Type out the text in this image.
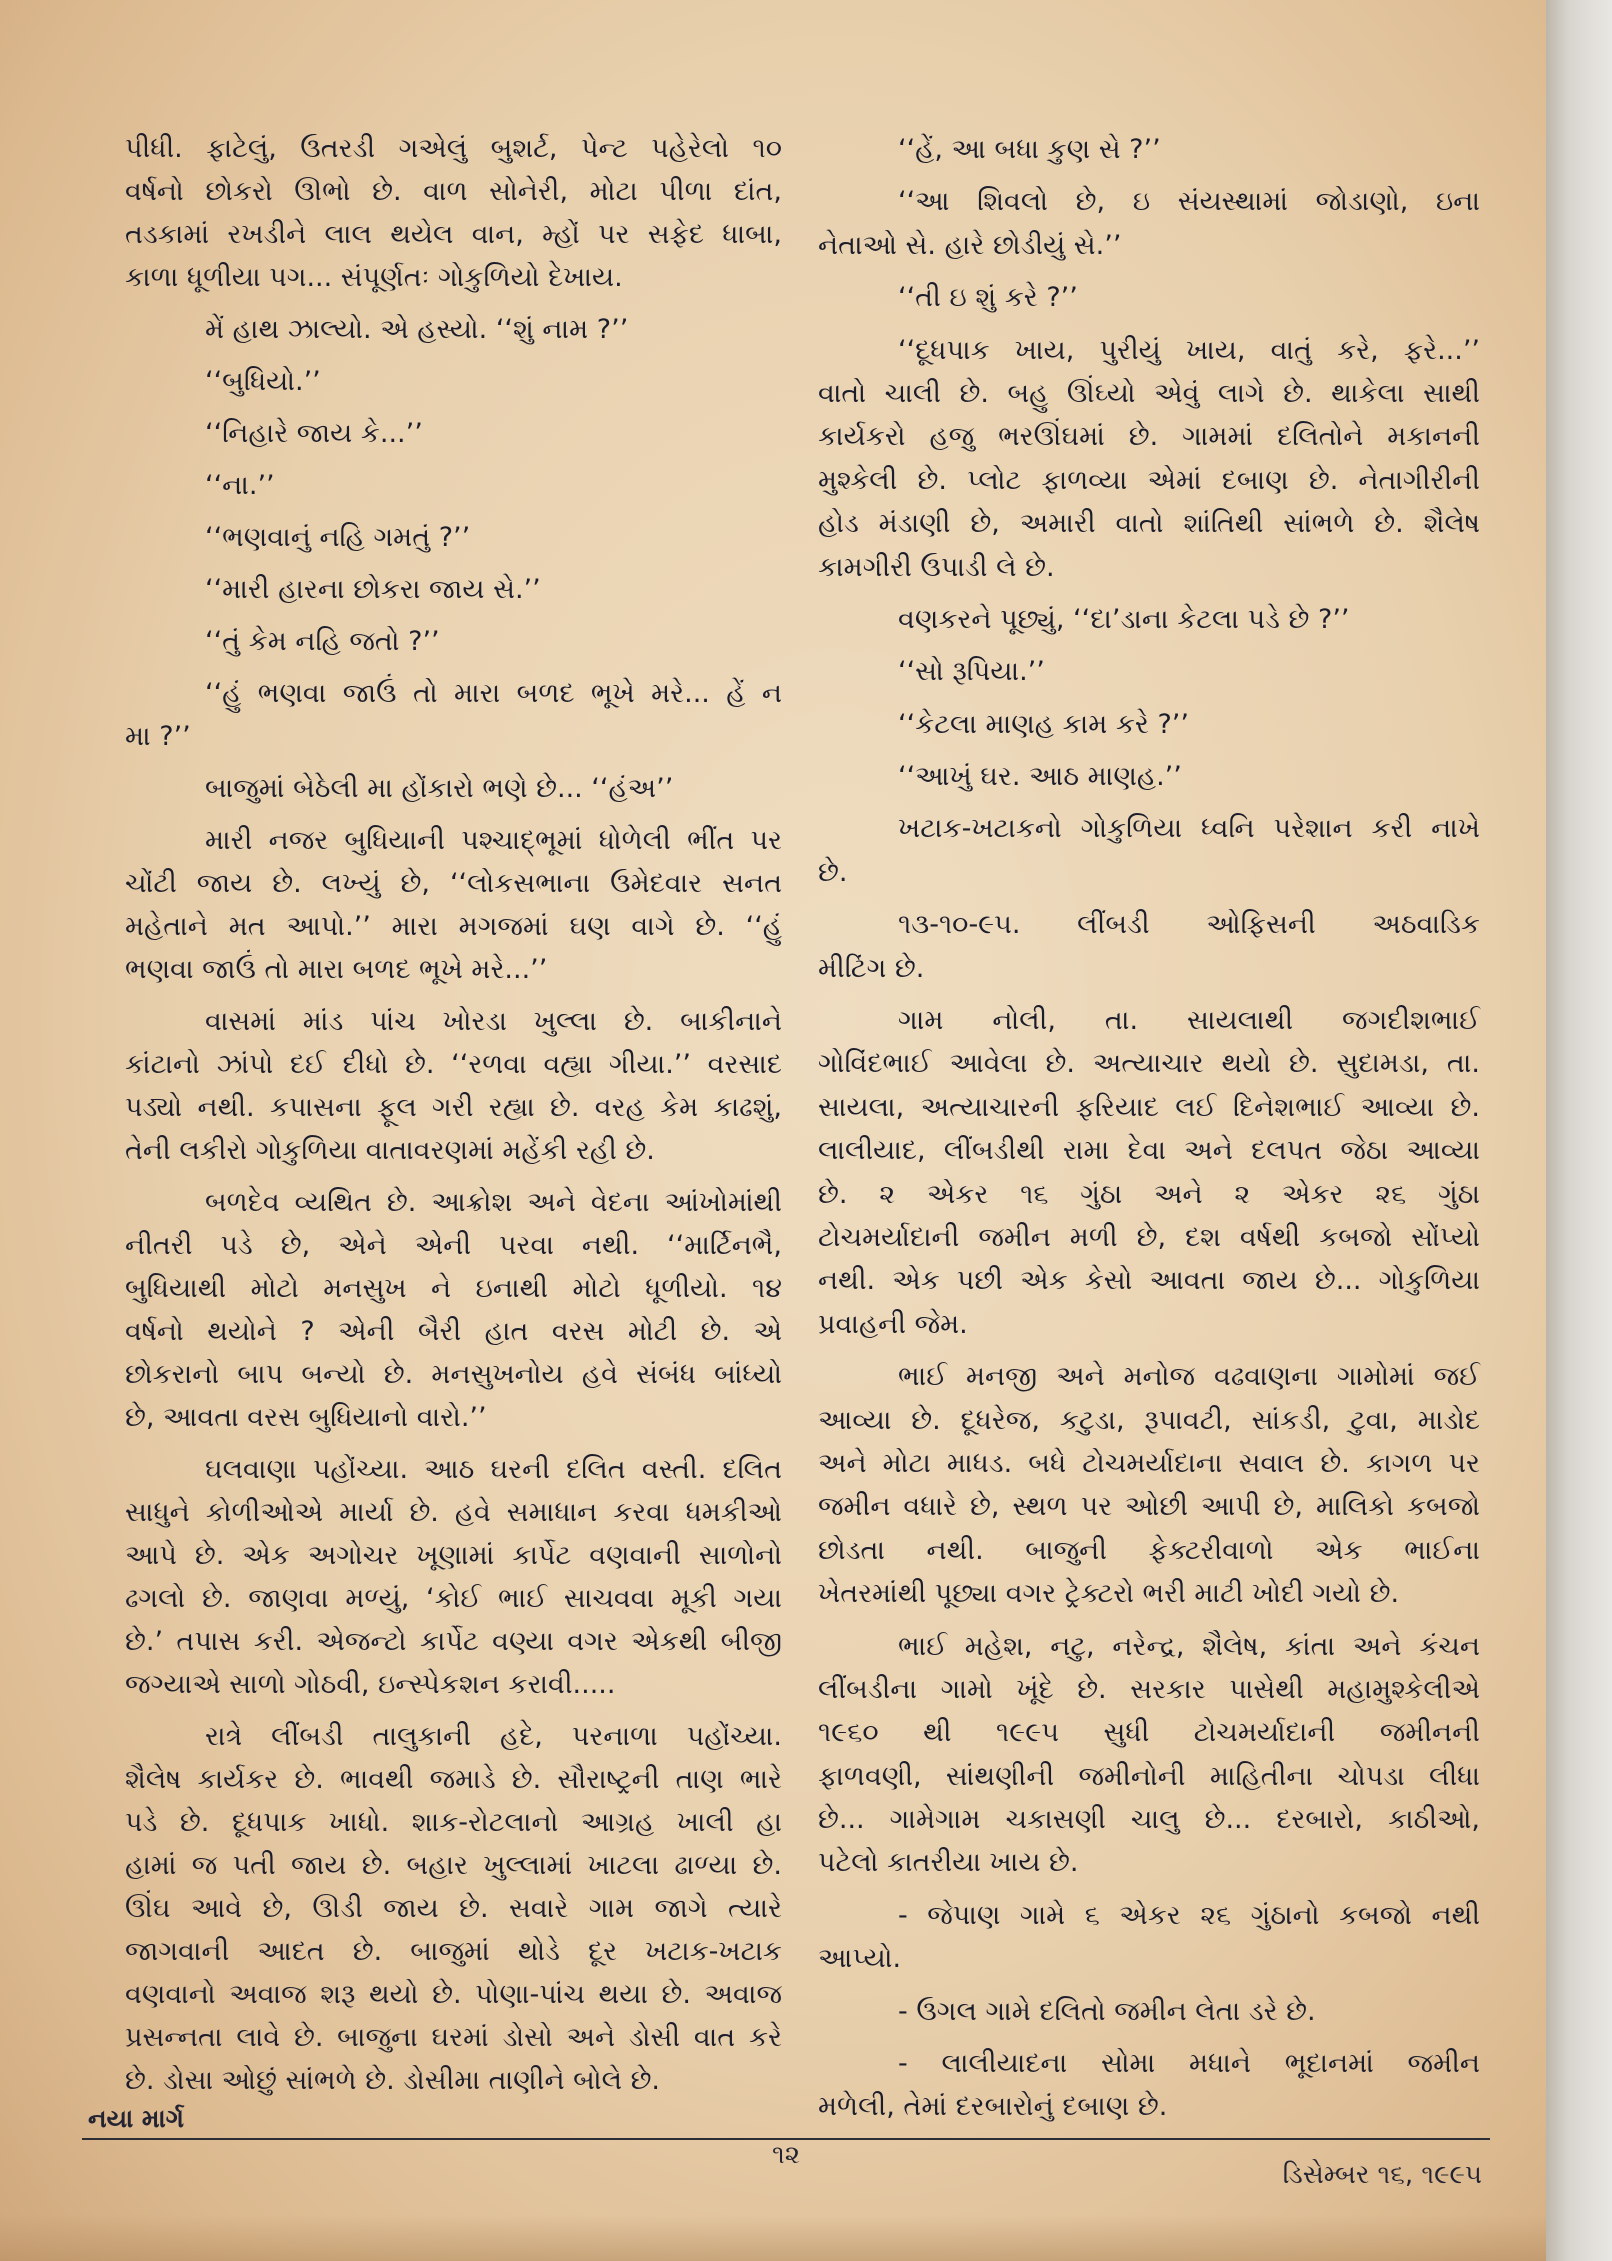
પીધી. ફાટેલું, ઉતરડી ગએલું બુશર્ટ, પેન્ટ પહેરેલો ૧૦
વર્ષનો છોકરો ઊભો છે. વાળ સોનેરી, મોટા પીળા દાંત,
તડકામાં રખડીને લાલ થયેલ વાન, મ્હોં પર સફેદ ધાબા,
કાળા ધૂળીયા પગ... સંપૂર્ણતઃ ગોકુળિયો દેખાય.
મેં હાથ ઝાલ્યો. એ હસ્યો. ‘‘શું નામ ?’’
‘‘બુધિયો.’’
‘‘નિહારે જાય કે...’’
‘‘ના.’’
‘‘ભણવાનું નહિ ગમતું ?’’
‘‘મારી હારના છોકરા જાય સે.’’
‘‘તું કેમ નહિ જતો ?’’
‘‘હું ભણવા જાઉં તો મારા બળદ ભૂખે મરે... હેં ન
મા ?’’
બાજુમાં બેઠેલી મા હોંકારો ભણે છે... ‘‘હંઅ’’
મારી નજર બુધિયાની પશ્ચાદ્ભૂમાં ધોળેલી ભીંત પર
ચોંટી જાય છે. લખ્યું છે, ‘‘લોકસભાના ઉમેદવાર સનત
મહેતાને મત આપો.’’ મારા મગજમાં ઘણ વાગે છે. ‘‘હું
ભણવા જાઉં તો મારા બળદ ભૂખે મરે...’’
વાસમાં માંડ પાંચ ખોરડા ખુલ્લા છે. બાકીનાને
કાંટાનો ઝાંપો દઈ દીધો છે. ‘‘રળવા વહ્યા ગીયા.’’ વરસાદ
પડ્યો નથી. કપાસના ફૂલ ગરી રહ્યા છે. વરહ કેમ કાઢશું,
તેની લકીરો ગોકુળિયા વાતાવરણમાં મહેંકી રહી છે.
બળદેવ વ્યથિત છે. આક્રોશ અને વેદના આંખોમાંથી
નીતરી પડે છે, એને એની પરવા નથી. ‘‘માર્ટિનભૈ,
બુધિયાથી મોટો મનસુખ ને ઇનાથી મોટો ધૂળીયો. ૧૪
વર્ષનો થયોને ? એની બૈરી હાત વરસ મોટી છે. એ
છોકરાનો બાપ બન્યો છે. મનસુખનોય હવે સંબંધ બાંધ્યો
છે, આવતા વરસ બુધિયાનો વારો.’’
ઘલવાણા પહોંચ્યા. આઠ ઘરની દલિત વસ્તી. દલિત
સાધુને કોળીઓએ માર્યા છે. હવે સમાધાન કરવા ધમકીઓ
આપે છે. એક અગોચર ખૂણામાં કાર્પેટ વણવાની સાળોનો
ઢગલો છે. જાણવા મળ્યું, ‘કોઈ ભાઈ સાચવવા મૂકી ગયા
છે.’ તપાસ કરી. એજન્ટો કાર્પેટ વણ્યા વગર એકથી બીજી
જગ્યાએ સાળો ગોઠવી, ઇન્સ્પેકશન કરાવી.....
રાત્રે લીંબડી તાલુકાની હદે, પરનાળા પહોંચ્યા.
શૈલેષ કાર્યકર છે. ભાવથી જમાડે છે. સૌરાષ્ટ્રની તાણ ભારે
પડે છે. દૂધપાક ખાધો. શાક-રોટલાનો આગ્રહ ખાલી હા
હામાં જ પતી જાય છે. બહાર ખુલ્લામાં ખાટલા ઢાળ્યા છે.
ઊંઘ આવે છે, ઊડી જાય છે. સવારે ગામ જાગે ત્યારે
જાગવાની આદત છે. બાજુમાં થોડે દૂર ખટાક-ખટાક
વણવાનો અવાજ શરૂ થયો છે. પોણા-પાંચ થયા છે. અવાજ
પ્રસન્નતા લાવે છે. બાજુના ઘરમાં ડોસો અને ડોસી વાત કરે
છે. ડોસા ઓછું સાંભળે છે. ડોસીમા તાણીને બોલે છે.
‘‘હેં, આ બધા કુણ સે ?’’
‘‘આ શિવલો છે, ઇ સંયસ્થામાં જોડાણો, ઇના
નેતાઓ સે. હારે છોડીયું સે.’’
‘‘તી ઇ શું કરે ?’’
‘‘દૂધપાક ખાય, પુરીયું ખાય, વાતું કરે, ફરે...’’
વાતો ચાલી છે. બહુ ઊંઘ્યો એવું લાગે છે. થાકેલા સાથી
કાર્યકરો હજુ ભરઊંઘમાં છે. ગામમાં દલિતોને મકાનની
મુશ્કેલી છે. પ્લોટ ફાળવ્યા એમાં દબાણ છે. નેતાગીરીની
હોડ મંડાણી છે, અમારી વાતો શાંતિથી સાંભળે છે. શૈલેષ
કામગીરી ઉપાડી લે છે.
વણકરને પૂછ્યું, ‘‘દા’ડાના કેટલા પડે છે ?’’
‘‘સો રૂપિયા.’’
‘‘કેટલા માણહ કામ કરે ?’’
‘‘આખું ઘર. આઠ માણહ.’’
ખટાક-ખટાકનો ગોકુળિયા ધ્વનિ પરેશાન કરી નાખે
છે.
૧૩-૧૦-૯૫. લીંબડી ઓફિસની અઠવાડિક
મીટિંગ છે.
ગામ નોલી, તા. સાયલાથી જગદીશભાઈ
ગોવિંદભાઈ આવેલા છે. અત્યાચાર થયો છે. સુદામડા, તા.
સાયલા, અત્યાચારની ફરિયાદ લઈ દિનેશભાઈ આવ્યા છે.
લાલીયાદ, લીંબડીથી રામા દેવા અને દલપત જેઠા આવ્યા
છે. ૨ એકર ૧૬ ગુંઠા અને ૨ એકર ૨૬ ગુંઠા
ટોચમર્યાદાની જમીન મળી છે, દશ વર્ષથી કબજો સોંપ્યો
નથી. એક પછી એક કેસો આવતા જાય છે... ગોકુળિયા
પ્રવાહની જેમ.
ભાઈ મનજી અને મનોજ વઢવાણના ગામોમાં જઈ
આવ્યા છે. દૂધરેજ, કટુડા, રૂપાવટી, સાંકડી, ટુવા, માડોદ
અને મોટા માધડ. બધે ટોચમર્યાદાના સવાલ છે. કાગળ પર
જમીન વધારે છે, સ્થળ પર ઓછી આપી છે, માલિકો કબજો
છોડતા નથી. બાજુની ફેક્ટરીવાળો એક ભાઈના
ખેતરમાંથી પૂછ્યા વગર ટ્રેક્ટરો ભરી માટી ખોદી ગયો છે.
ભાઈ મહેશ, નટુ, નરેન્દ્ર, શૈલેષ, કાંતા અને કંચન
લીંબડીના ગામો ખૂંદે છે. સરકાર પાસેથી મહામુશ્કેલીએ
૧૯૬૦ થી ૧૯૯૫ સુધી ટોચમર્યાદાની જમીનની
ફાળવણી, સાંથણીની જમીનોની માહિતીના ચોપડા લીધા
છે... ગામેગામ ચકાસણી ચાલુ છે... દરબારો, કાઠીઓ,
પટેલો કાતરીયા ખાય છે.
- જેપાણ ગામે ૬ એકર ૨૬ ગુંઠાનો કબજો નથી
આપ્યો.
- ઉગલ ગામે દલિતો જમીન લેતા ડરે છે.
- લાલીયાદના સોમા મધાને ભૂદાનમાં જમીન
મળેલી, તેમાં દરબારોનું દબાણ છે.
નયા માર્ગ
૧૨
ડિસેમ્બર ૧૬, ૧૯૯૫
